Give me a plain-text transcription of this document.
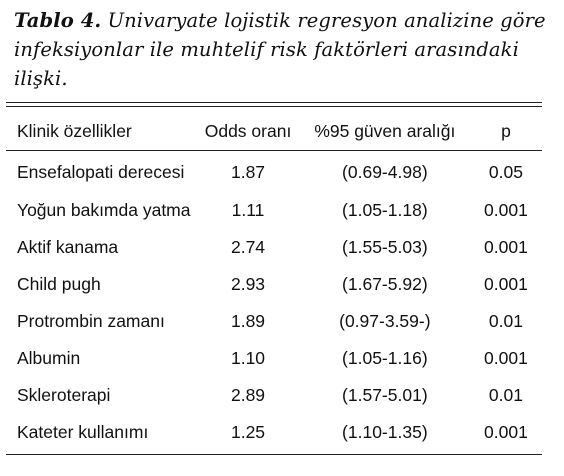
Tablo 4. Univaryate lojistik regresyon analizine göre infeksiyonlar ile muhtelif risk faktörleri arasındaki ilişki.

Klinik özellikler	Odds oranı	%95 güven aralığı	p
Ensefalopati derecesi	1.87	(0.69-4.98)	0.05
Yoğun bakımda yatma	1.11	(1.05-1.18)	0.001
Aktif kanama	2.74	(1.55-5.03)	0.001
Child pugh	2.93	(1.67-5.92)	0.001
Protrombin zamanı	1.89	(0.97-3.59-)	0.01
Albumin	1.10	(1.05-1.16)	0.001
Skleroterapi	2.89	(1.57-5.01)	0.01
Kateter kullanımı	1.25	(1.10-1.35)	0.001
